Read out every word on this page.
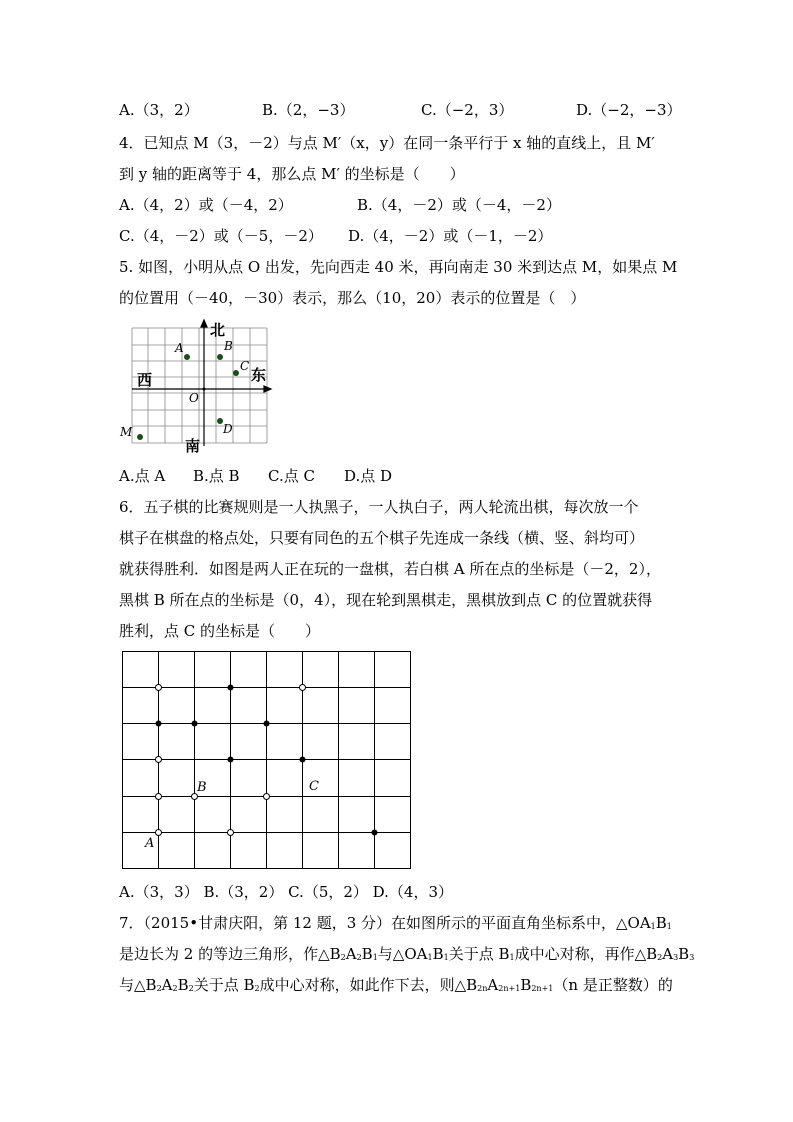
A.（3，2）	B.（2，−3）	C.（−2，3）	D.（−2，−3）
4．已知点 M（3，－2）与点 M′（x，y）在同一条平行于 x 轴的直线上，且 M′
到 y 轴的距离等于 4，那么点 M′ 的坐标是（　　）
A.（4，2）或（－4，2）	B.（4，－2）或（－4，－2）
C.（4，－2）或（－5，－2） D.（4，－2）或（－1，－2）
5. 如图，小明从点 O 出发，先向西走 40 米，再向南走 30 米到达点 M，如果点 M
的位置用（－40，－30）表示，那么（10，20）表示的位置是（　）
北
东
西
南
A	B
C
D
O
M
A.点 A B.点 B C.点 C D.点 D
6．五子棋的比赛规则是一人执黑子，一人执白子，两人轮流出棋，每次放一个
棋子在棋盘的格点处，只要有同色的五个棋子先连成一条线（横、竖、斜均可）
就获得胜利．如图是两人正在玩的一盘棋，若白棋 A 所在点的坐标是（－2，2），
黑棋 B 所在点的坐标是（0，4），现在轮到黑棋走，黑棋放到点 C 的位置就获得
胜利，点 C 的坐标是（　　）
A
B	C
A.（3，3） B.（3，2） C.（5，2） D.（4，3）
7．（2015•甘肃庆阳，第 12 题，3 分）在如图所示的平面直角坐标系中，$\triangle OA_1B_1$
是边长为 2 的等边三角形，作$\triangle B_2A_2B_1$与$\triangle OA_1B_1$关于点 $B_1$成中心对称，再作$\triangle B_2A_3B_3$
与$\triangle B_2A_2B_2$关于点 $B_2$成中心对称，如此作下去，则$\triangle B_{2n}A_{2n+1}B_{2n+1}(n$ 是正整数）的
